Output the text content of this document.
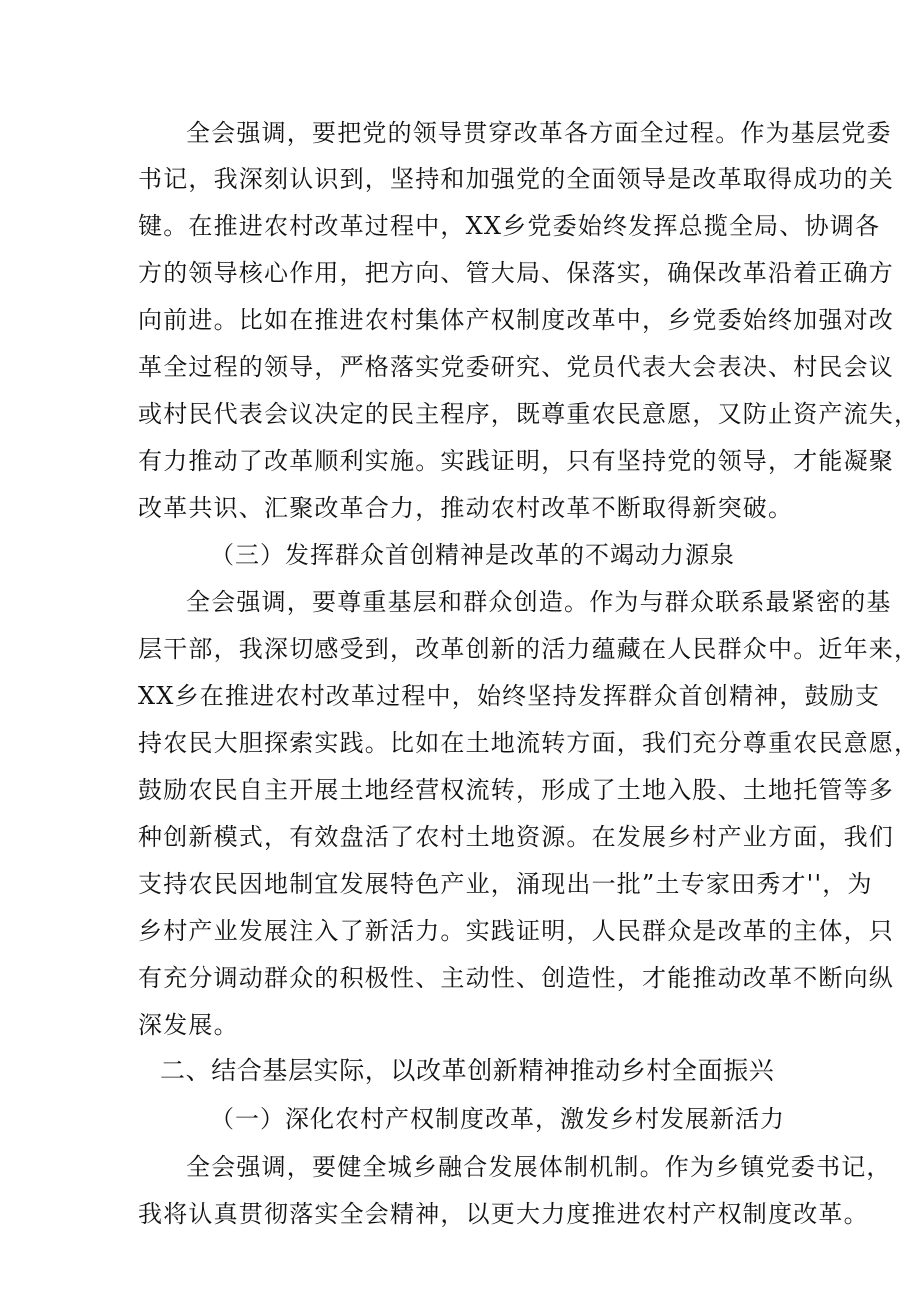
全会强调，要把党的领导贯穿改革各方面全过程。作为基层党委
书记，我深刻认识到，坚持和加强党的全面领导是改革取得成功的关
键。在推进农村改革过程中，XX乡党委始终发挥总揽全局、协调各
方的领导核心作用，把方向、管大局、保落实，确保改革沿着正确方
向前进。比如在推进农村集体产权制度改革中，乡党委始终加强对改
革全过程的领导，严格落实党委研究、党员代表大会表决、村民会议
或村民代表会议决定的民主程序，既尊重农民意愿，又防止资产流失，
有力推动了改革顺利实施。实践证明，只有坚持党的领导，才能凝聚
改革共识、汇聚改革合力，推动农村改革不断取得新突破。
（三）发挥群众首创精神是改革的不竭动力源泉
全会强调，要尊重基层和群众创造。作为与群众联系最紧密的基
层干部，我深切感受到，改革创新的活力蕴藏在人民群众中。近年来，
XX乡在推进农村改革过程中，始终坚持发挥群众首创精神，鼓励支
持农民大胆探索实践。比如在土地流转方面，我们充分尊重农民意愿，
鼓励农民自主开展土地经营权流转，形成了土地入股、土地托管等多
种创新模式，有效盘活了农村土地资源。在发展乡村产业方面，我们
支持农民因地制宜发展特色产业，涌现出一批”土专家田秀才''，为
乡村产业发展注入了新活力。实践证明，人民群众是改革的主体，只
有充分调动群众的积极性、主动性、创造性，才能推动改革不断向纵
深发展。
二、结合基层实际，以改革创新精神推动乡村全面振兴
（一）深化农村产权制度改革，激发乡村发展新活力
全会强调，要健全城乡融合发展体制机制。作为乡镇党委书记，
我将认真贯彻落实全会精神，以更大力度推进农村产权制度改革。
